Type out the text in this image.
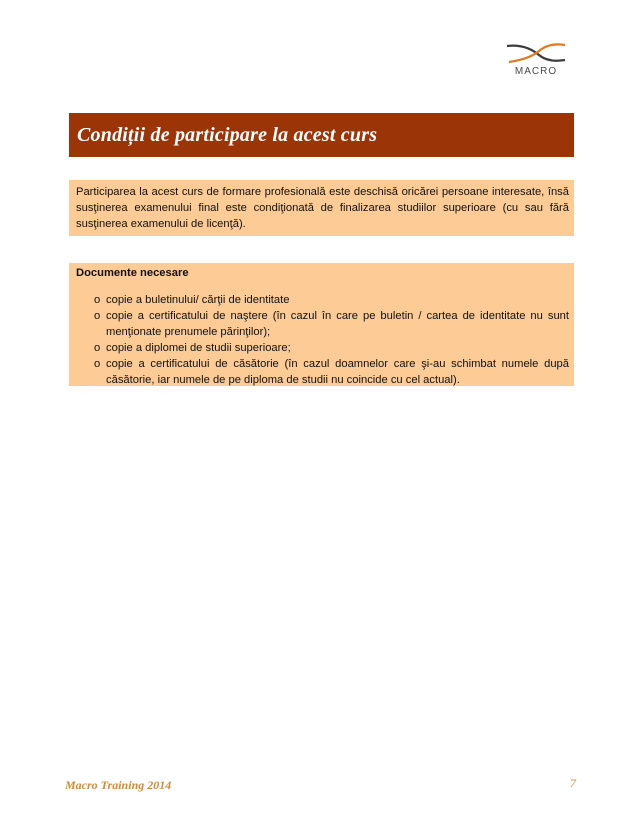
MACRO
Condiții de participare la acest curs

Participarea la acest curs de formare profesională este deschisă oricărei persoane interesate, însă susţinerea examenului final este condiţionată de finalizarea studiilor superioare (cu sau fără susţinerea examenului de licenţă).

Documente necesare
o copie a buletinului/ cărţii de identitate
o copie a certificatului de naştere (în cazul în care pe buletin / cartea de identitate nu sunt menţionate prenumele părinţilor);
o copie a diplomei de studii superioare;
o copie a certificatului de căsătorie (în cazul doamnelor care şi-au schimbat numele după căsătorie, iar numele de pe diploma de studii nu coincide cu cel actual).
Macro Training 2014	7
